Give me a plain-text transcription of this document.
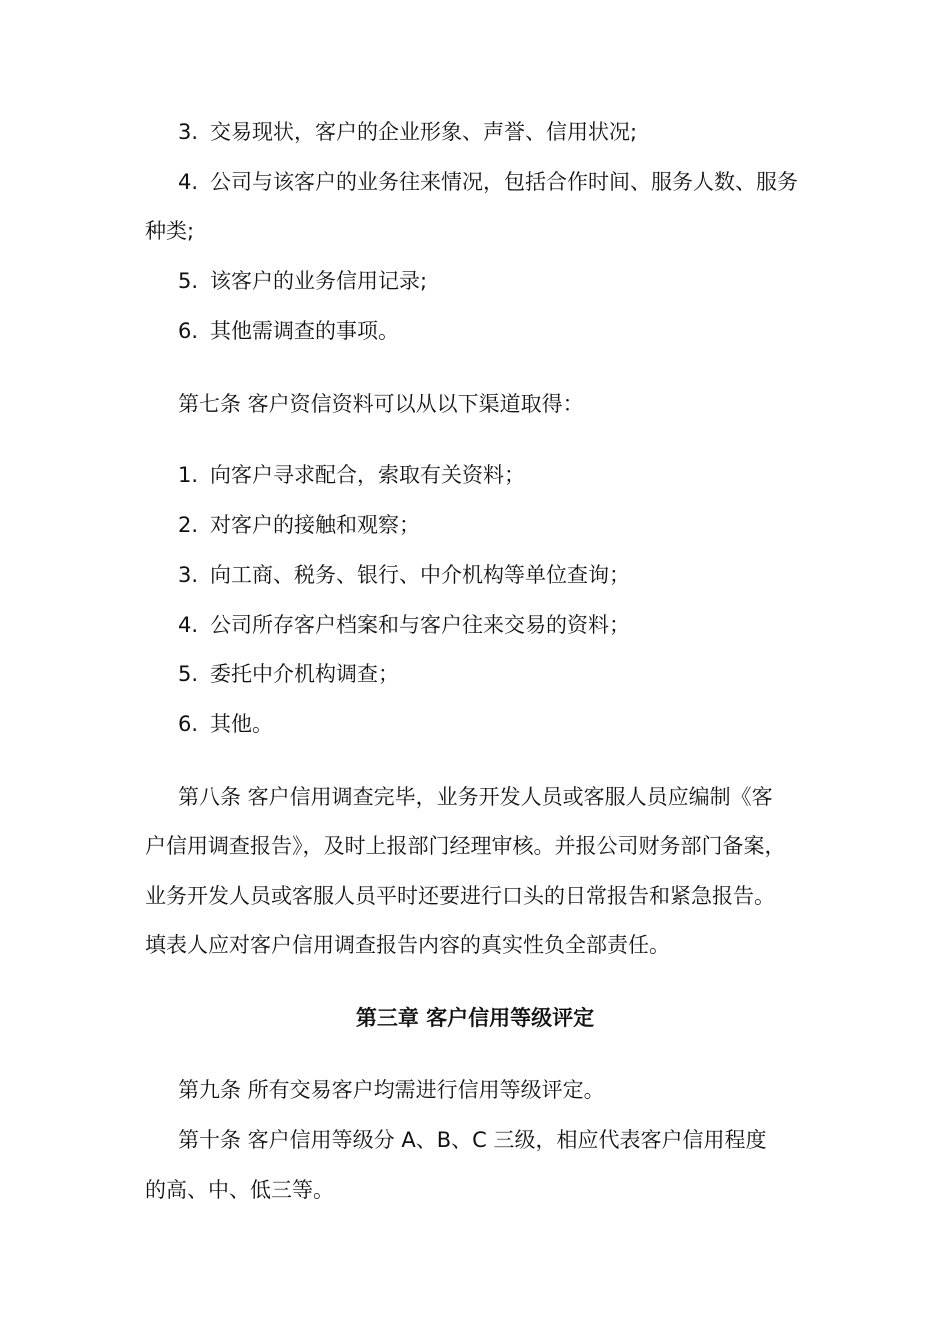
3. 交易现状，客户的企业形象、声誉、信用状况;
4. 公司与该客户的业务往来情况，包括合作时间、服务人数、服务
种类;
5. 该客户的业务信用记录;
6. 其他需调查的事项。
第七条 客户资信资料可以从以下渠道取得：
1. 向客户寻求配合，索取有关资料；
2. 对客户的接触和观察；
3. 向工商、税务、银行、中介机构等单位查询；
4. 公司所存客户档案和与客户往来交易的资料；
5. 委托中介机构调查；
6. 其他。
第八条 客户信用调查完毕，业务开发人员或客服人员应编制《客
户信用调查报告》，及时上报部门经理审核。并报公司财务部门备案，
业务开发人员或客服人员平时还要进行口头的日常报告和紧急报告。
填表人应对客户信用调查报告内容的真实性负全部责任。
第三章 客户信用等级评定
第九条 所有交易客户均需进行信用等级评定。
第十条 客户信用等级分 A、B、C 三级，相应代表客户信用程度
的高、中、低三等。
